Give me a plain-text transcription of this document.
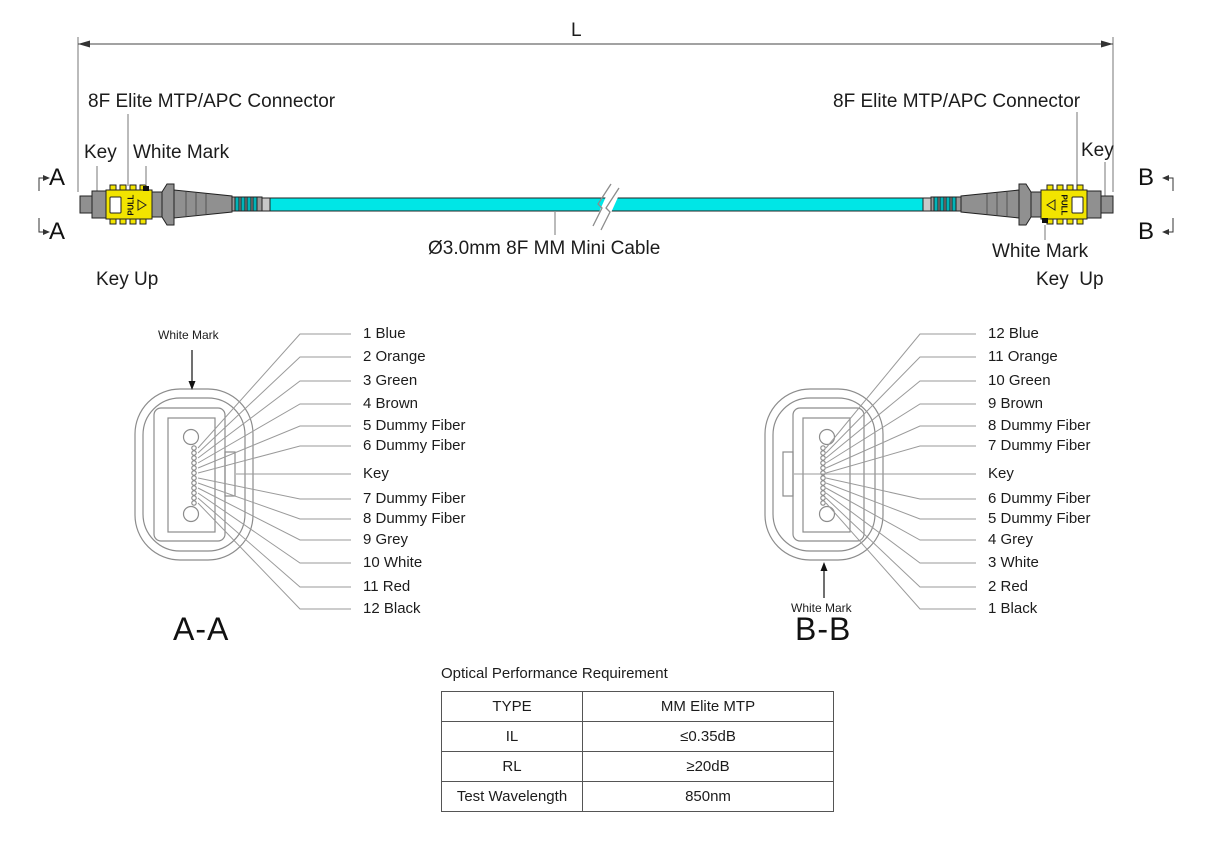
PULL	PULL
L
8F Elite MTP/APC Connector	8F Elite MTP/APC Connector
Key White Mark	Key
White Mark
Key Up	Key  Up
Ø3.0mm 8F MM Mini Cable
A
A
B
B
White Mark
White Mark
1 Blue
2 Orange
3 Green
4 Brown
5 Dummy Fiber
6 Dummy Fiber
Key
7 Dummy Fiber
8 Dummy Fiber
9 Grey
10 White
11 Red
12 Black
12 Blue
11 Orange
10 Green
9 Brown
8 Dummy Fiber
7 Dummy Fiber
Key
6 Dummy Fiber
5 Dummy Fiber
4 Grey
3 White
2 Red
1 Black
A-A	B-B
Optical Performance Requirement
TYPE	MM Elite MTP
IL	≤0.35dB
RL	≥20dB
Test Wavelength	850nm
